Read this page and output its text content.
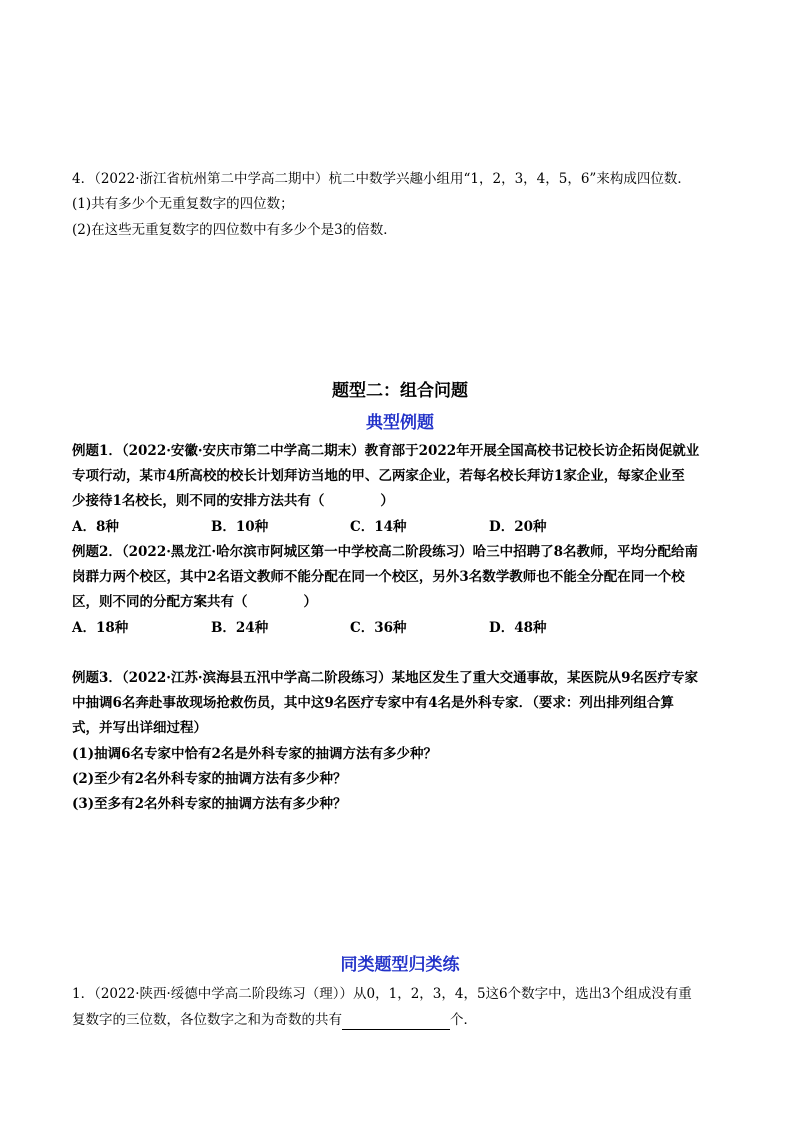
4．（2022·浙江省杭州第二中学高二期中）杭二中数学兴趣小组用“1，2，3，4，5，6”来构成四位数．
(1)共有多少个无重复数字的四位数；
(2)在这些无重复数字的四位数中有多少个是3的倍数．
题型二：组合问题
典型例题
例题1．（2022·安徽·安庆市第二中学高二期末）教育部于2022年开展全国高校书记校长访企拓岗促就业
专项行动，某市4所高校的校长计划拜访当地的甲、乙两家企业，若每名校长拜访1家企业，每家企业至
少接待1名校长，则不同的安排方法共有（	）
A．8种	B．10种	C．14种	D．20种
例题2．（2022·黑龙江·哈尔滨市阿城区第一中学校高二阶段练习）哈三中招聘了8名教师，平均分配给南
岗群力两个校区，其中2名语文教师不能分配在同一个校区，另外3名数学教师也不能全分配在同一个校
区，则不同的分配方案共有（	）
A．18种	B．24种	C．36种	D．48种
例题3．（2022·江苏·滨海县五汛中学高二阶段练习）某地区发生了重大交通事故，某医院从9名医疗专家
中抽调6名奔赴事故现场抢救伤员，其中这9名医疗专家中有4名是外科专家．（要求：列出排列组合算
式，并写出详细过程）
(1)抽调6名专家中恰有2名是外科专家的抽调方法有多少种？
(2)至少有2名外科专家的抽调方法有多少种？
(3)至多有2名外科专家的抽调方法有多少种？
同类题型归类练
1．（2022·陕西·绥德中学高二阶段练习（理））从0，1，2，3，4，5这6个数字中，选出3个组成没有重
复数字的三位数，各位数字之和为奇数的共有	个．
